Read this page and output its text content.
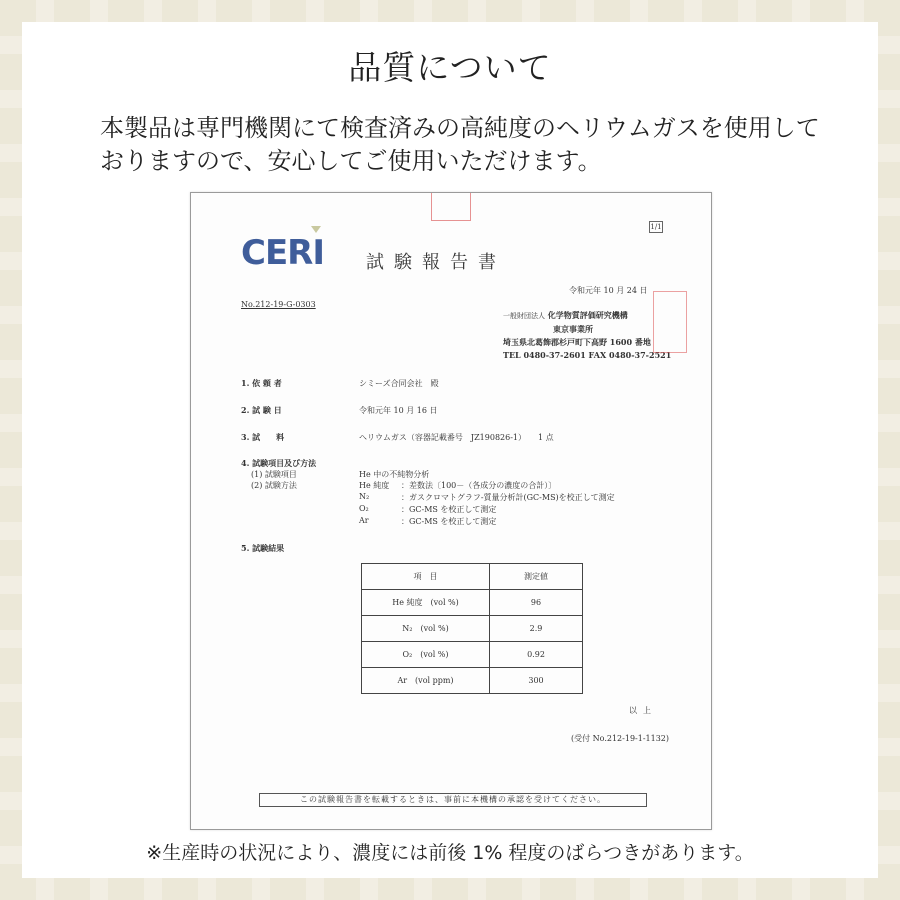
品質について
本製品は専門機関にて検査済みの高純度のヘリウムガスを使用して
おりますので、安心してご使用いただけます。
1/1
CERI 試験報告書
令和元年 10 月 24 日
No.212-19-G-0303
一般財団法人 化学物質評価研究機構
東京事業所
埼玉県北葛飾郡杉戸町下高野 1600 番地
TEL 0480-37-2601 FAX 0480-37-2521
1. 依 頼 者	シミーズ合同会社　殿
2. 試 験 日	令和元年 10 月 16 日
3. 試　　料	ヘリウムガス（容器記載番号　JZ190826-1）　　1 点
4. 試験項目及び方法
(1) 試験項目	He 中の不純物分析
(2) 試験方法	He 純度 ：差数法〔100－（各成分の濃度の合計）〕
N₂	：ガスクロマトグラフ-質量分析計(GC-MS)を校正して測定
O₂	：GC-MS を校正して測定
Ar	：GC-MS を校正して測定
5. 試験結果
項　目	測定値
He 純度　 (vol %)	96
N₂　 (vol %)	2.9
O₂　 (vol %)	0.92
Ar　 (vol ppm)	300
以上
(受付 No.212-19-1-1132)
この試験報告書を転載するときは、事前に本機構の承認を受けてください。
※生産時の状況により、濃度には前後 1% 程度のばらつきがあります。
